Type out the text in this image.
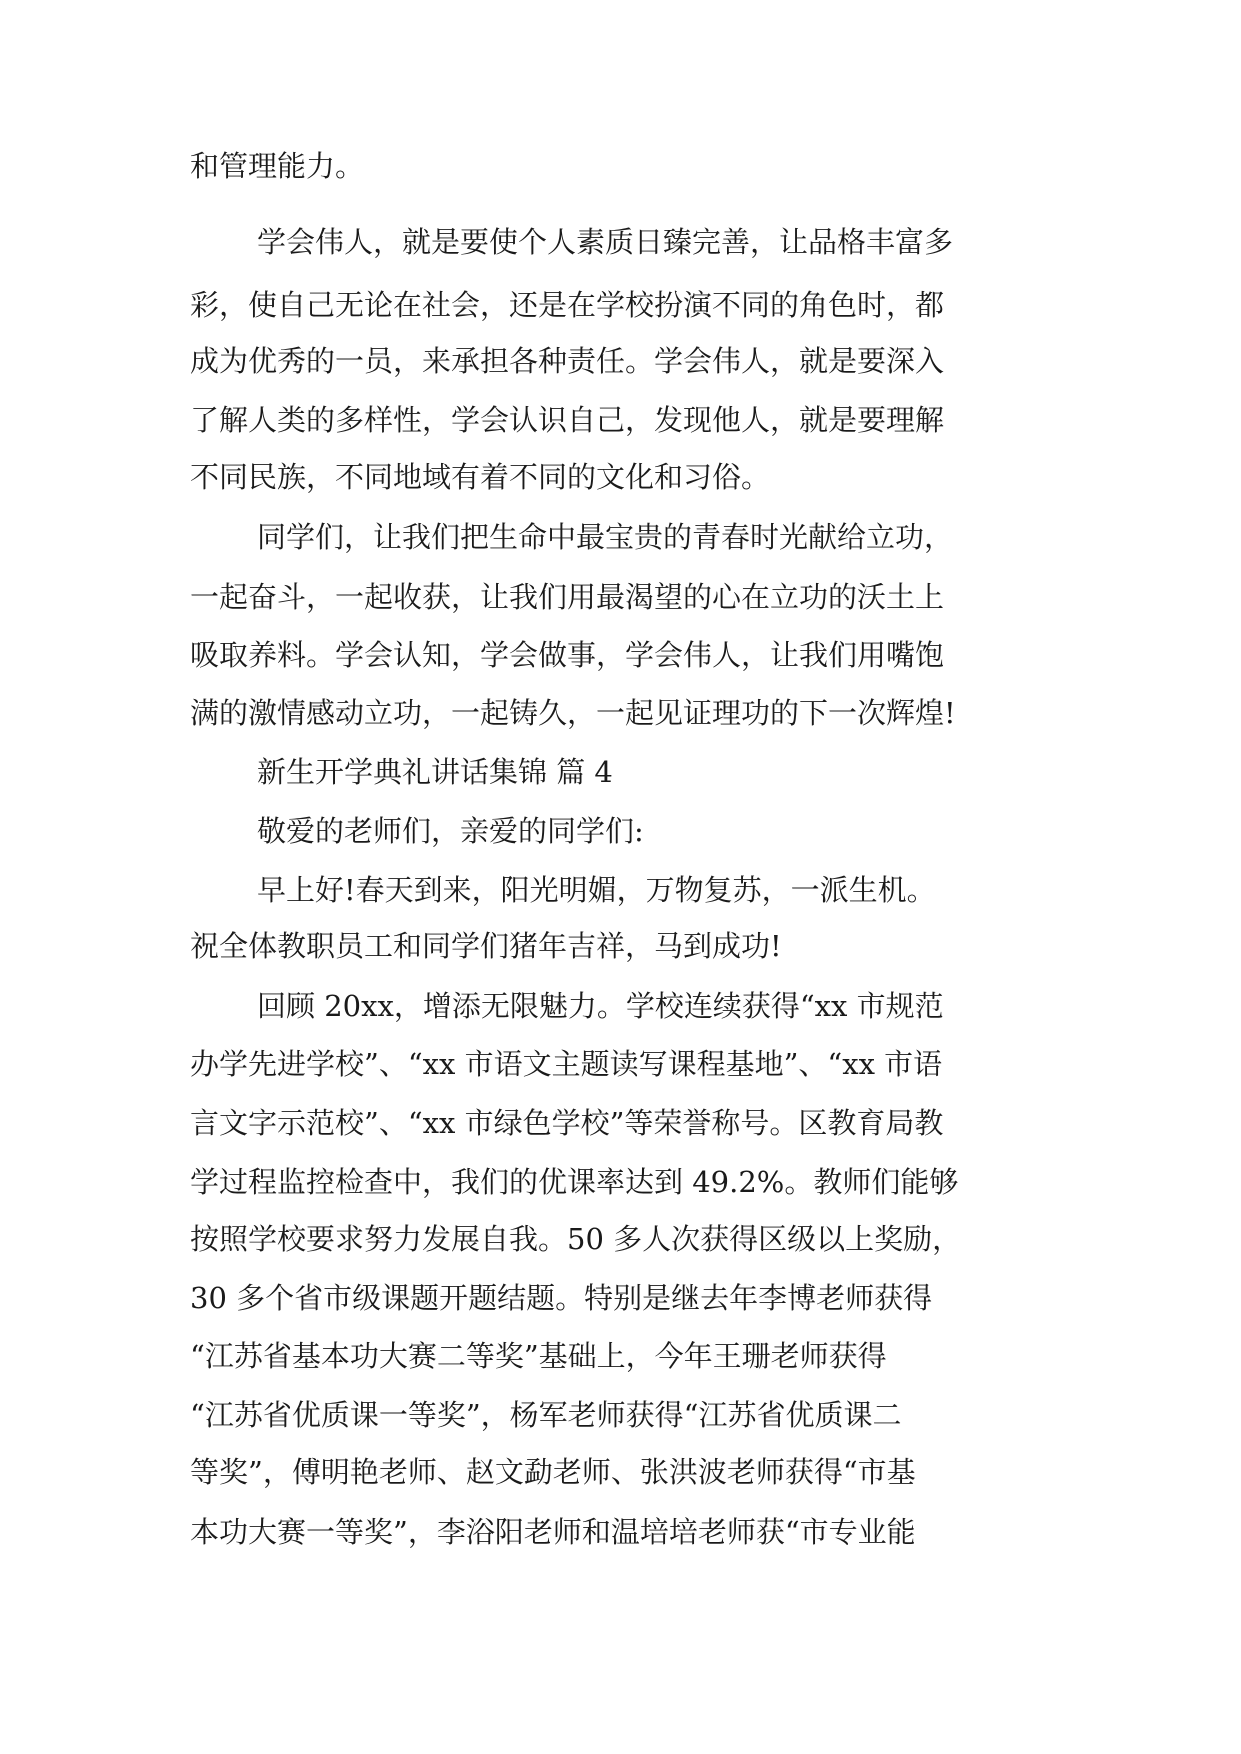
和管理能力。
学会伟人，就是要使个人素质日臻完善，让品格丰富多
彩，使自己无论在社会，还是在学校扮演不同的角色时，都
成为优秀的一员，来承担各种责任。学会伟人，就是要深入
了解人类的多样性，学会认识自己，发现他人，就是要理解
不同民族，不同地域有着不同的文化和习俗。
同学们，让我们把生命中最宝贵的青春时光献给立功，
一起奋斗，一起收获，让我们用最渴望的心在立功的沃土上
吸取养料。学会认知，学会做事，学会伟人，让我们用嘴饱
满的激情感动立功，一起铸久，一起见证理功的下一次辉煌!
新生开学典礼讲话集锦 篇 4
敬爱的老师们，亲爱的同学们:
早上好!春天到来，阳光明媚，万物复苏，一派生机。
祝全体教职员工和同学们猪年吉祥，马到成功!
回顾 20xx，增添无限魅力。学校连续获得“xx 市规范
办学先进学校”、“xx 市语文主题读写课程基地”、“xx 市语
言文字示范校”、“xx 市绿色学校”等荣誉称号。区教育局教
学过程监控检查中，我们的优课率达到 49.2%。教师们能够
按照学校要求努力发展自我。50 多人次获得区级以上奖励，
30 多个省市级课题开题结题。特别是继去年李博老师获得
“江苏省基本功大赛二等奖”基础上，今年王珊老师获得
“江苏省优质课一等奖”，杨军老师获得“江苏省优质课二
等奖”，傅明艳老师、赵文勐老师、张洪波老师获得“市基
本功大赛一等奖”，李浴阳老师和温培培老师获“市专业能
